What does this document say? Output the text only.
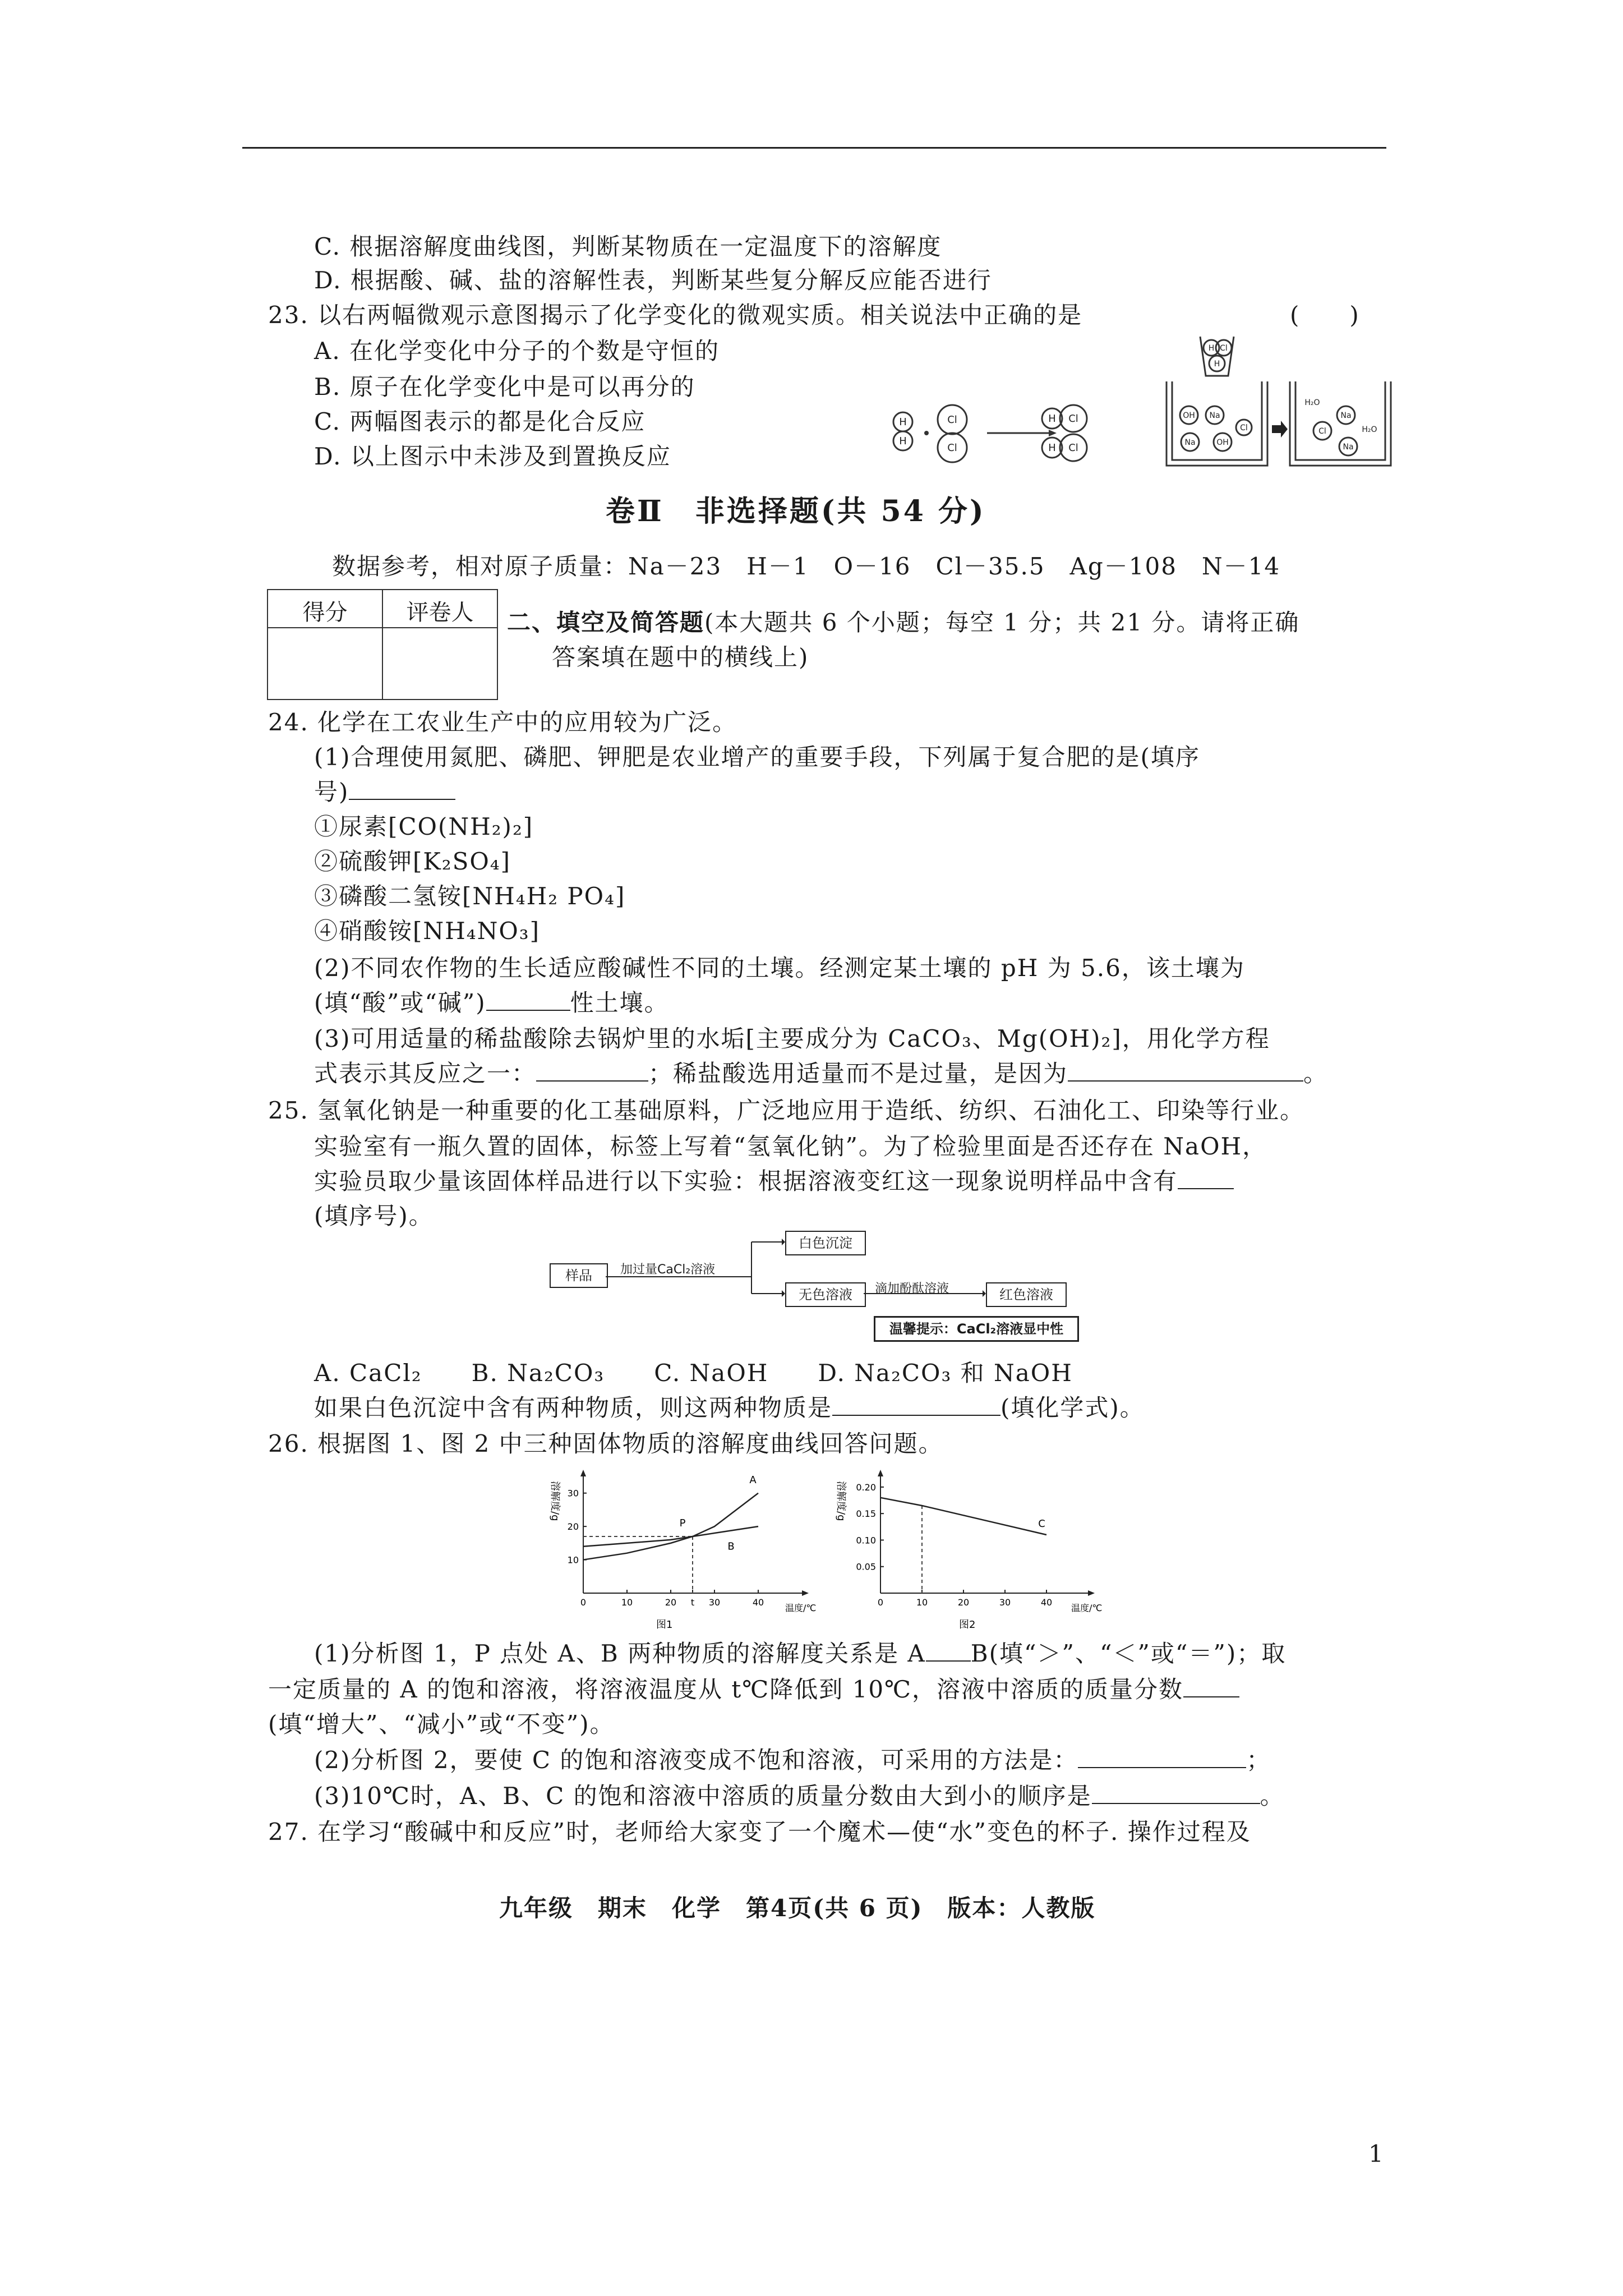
C. 根据溶解度曲线图，判断某物质在一定温度下的溶解度
D. 根据酸、碱、盐的溶解性表，判断某些复分解反应能否进行
23. 以右两幅微观示意图揭示了化学变化的微观实质。相关说法中正确的是	(　　)
A. 在化学变化中分子的个数是守恒的
B. 原子在化学变化中是可以再分的
C. 两幅图表示的都是化合反应
D. 以上图示中未涉及到置换反应
H
H
Cl
Cl
H Cl
H Cl
H Cl
H
OH Na
Na	OH
Cl
H₂O
Na
Cl	H₂O
Na
卷Ⅱ　非选择题(共 54 分)
数据参考，相对原子质量：Na－23　H－1　O－16　Cl－35.5　Ag－108　N－14
得分	评卷人	二、填空及简答题(本大题共 6 个小题；每空 1 分；共 21 分。请将正确
答案填在题中的横线上)
24. 化学在工农业生产中的应用较为广泛。
(1)合理使用氮肥、磷肥、钾肥是农业增产的重要手段，下列属于复合肥的是(填序
号)
①尿素[CO(NH₂)₂]
②硫酸钾[K₂SO₄]
③磷酸二氢铵[NH₄H₂ PO₄]
④硝酸铵[NH₄NO₃]
(2)不同农作物的生长适应酸碱性不同的土壤。经测定某土壤的 pH 为 5.6，该土壤为
(填“酸”或“碱”)	性土壤。
(3)可用适量的稀盐酸除去锅炉里的水垢[主要成分为 CaCO₃、Mg(OH)₂]，用化学方程
式表示其反应之一：	；稀盐酸选用适量而不是过量，是因为	。
25. 氢氧化钠是一种重要的化工基础原料，广泛地应用于造纸、纺织、石油化工、印染等行业。
实验室有一瓶久置的固体，标签上写着“氢氧化钠”。为了检验里面是否还存在 NaOH，
实验员取少量该固体样品进行以下实验：根据溶液变红这一现象说明样品中含有
(填序号)。
样品	加过量CaCl₂溶液
白色沉淀
无色溶液	滴加酚酞溶液	红色溶液
温馨提示：CaCl₂溶液显中性
A. CaCl₂　　B. Na₂CO₃　　C. NaOH　　D. Na₂CO₃ 和 NaOH
如果白色沉淀中含有两种物质，则这两种物质是	(填化学式)。
26. 根据图 1、图 2 中三种固体物质的溶解度曲线回答问题。
10
20
30
0	10	20 t 30	40
A
B
P
溶解度/g
温度/℃
图1
0.05
0.10
0.15
0.20
0	10	20	30	40
C
溶解度/g
温度/℃
图2
(1)分析图 1，P 点处 A、B 两种物质的溶解度关系是 A B(填“＞”、“＜”或“＝”)；取
一定质量的 A 的饱和溶液，将溶液温度从 t℃降低到 10℃，溶液中溶质的质量分数
(填“增大”、“减小”或“不变”)。
(2)分析图 2，要使 C 的饱和溶液变成不饱和溶液，可采用的方法是：	；
(3)10℃时，A、B、C 的饱和溶液中溶质的质量分数由大到小的顺序是	。
27. 在学习“酸碱中和反应”时，老师给大家变了一个魔术—使“水”变色的杯子. 操作过程及
九年级　期末　化学　第4页(共 6 页)　版本：人教版
1
